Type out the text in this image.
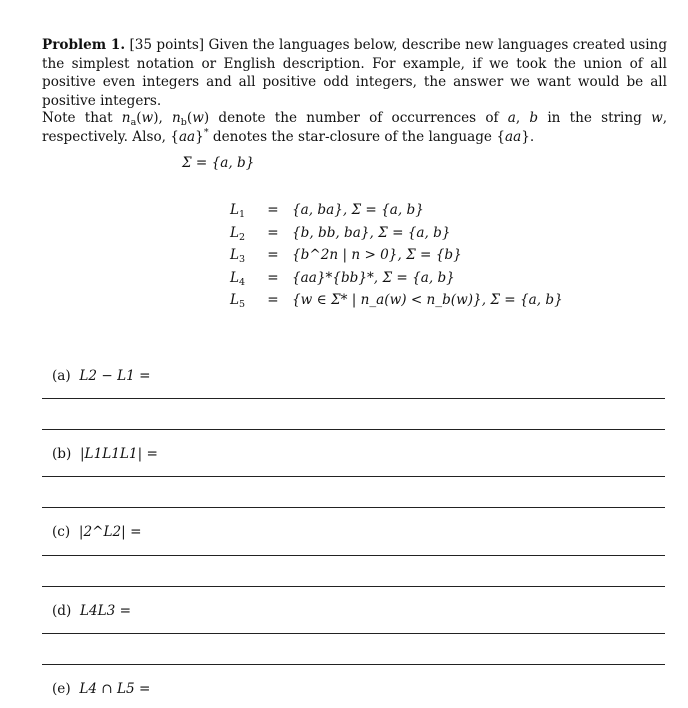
Problem 1. [35 points] Given the languages below, describe new languages created using the simplest notation or English description. For example, if we took the union of all positive even integers and all positive odd integers, the answer we want would be all positive integers.
Note that $n_a(w)$, $n_b(w)$ denote the number of occurrences of a, b in the string w, respectively. Also, {aa}* denotes the star-closure of the language {aa}.
Σ = {a, b}
$L_1$	=	{a, ba}, Σ = {a, b}
$L_2$	=	{b, bb, ba}, Σ = {a, b}
$L_3$	=	{b^2n | n > 0}, Σ = {b}
$L_4$	=	{aa}*{bb}*, Σ = {a, b}
$L_5$	=	{w ∈ Σ* | n_a(w) < n_b(w)}, Σ = {a, b}
(a) L2 − L1 =
(b) |L1L1L1| =
(c) |2^L2| =
(d) L4L3 =
(e) L4 ∩ L5 =
